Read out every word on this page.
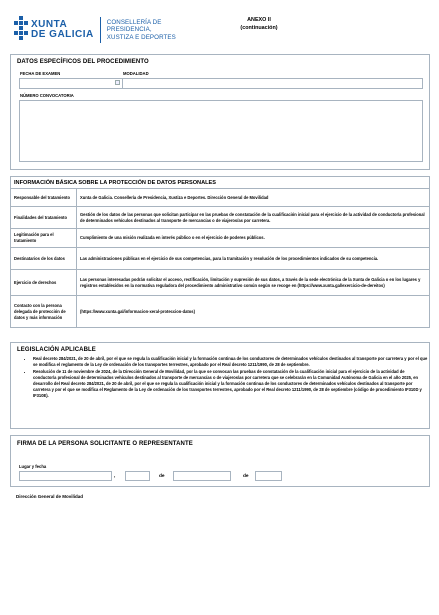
XUNTA
DE GALICIA
CONSELLERÍA DE
PRESIDENCIA,
XUSTIZA E DEPORTES
ANEXO II
(continuación)
DATOS ESPECÍFICOS DEL PROCEDIMIENTO
FECHA DE EXAMEN	MODALIDAD
NÚMERO CONVOCATORIA
INFORMACIÓN BÁSICA SOBRE LA PROTECCIÓN DE DATOS PERSONALES	
Responsable del tratamiento	Xunta de Galicia. Consellería de Presidencia, Xustiza e Deportes. Dirección General de Movilidad
Finalidades del tratamiento	Gestión de los datos de las personas que solicitan participar en las pruebas de constatación de la cualificación inicial para el ejercicio de la actividad de conductor/a profesional de determinados vehículos destinados al transporte de mercancías o de viajeros/as por carretera.
Legitimación para el tratamiento	Cumplimiento de una misión realizada en interés público o en el ejercicio de poderes públicos.
Destinatarios de los datos	Las administraciones públicas en el ejercicio de sus competencias, para la tramitación y resolución de los procedimientos indicados de su competencia.
Ejercicio de derechos	Las personas interesadas podrán solicitar el acceso, rectificación, limitación y supresión de sus datos, a través de la sede electrónica de la Xunta de Galicia o en los lugares y registros establecidos en la normativa reguladora del procedimiento administrativo común según se recoge en (https://www.xunta.gal/exercicio-de-dereitos)
Contacto con la persona delegada de protección de datos y más información	(https://www.xunta.gal/informacion-xeral-proteccion-datos)
LEGISLACIÓN APLICABLE
• Real decreto 284/2021, de 20 de abril, por el que se regula la cualificación inicial y la formación continua de los conductores de determinados vehículos destinados al transporte por carretera y por el que se modifica el reglamento de la Ley de ordenación de los transportes terrestres, aprobado por el Real decreto 1211/1990, de 28 de septiembre.
• Resolución de 11 de noviembre de 2024, de la Dirección General de Movilidad, por la que se convocan las pruebas de constatación de la cualificación inicial para el ejercicio de la actividad de conductor/a profesional de determinados vehículos destinados al transporte de mercancías o de viajeros/as por carretera que se celebrarán en la Comunidad Autónoma de Galicia en el año 2025, en desarrollo del Real decreto 284/2021, de 20 de abril, por el que se regula la cualificación inicial y la formación continua de los conductores de determinados vehículos destinados al transporte por carretera y por el que se modifica el Reglamento de la Ley de ordenación de los transportes terrestres, aprobado por el Real decreto 1211/1990, de 28 de septiembre (código de procedimiento IF310D y IF310E).
FIRMA DE LA PERSONA SOLICITANTE O REPRESENTANTE
Lugar y fecha
,	de	de
Dirección General de Movilidad
